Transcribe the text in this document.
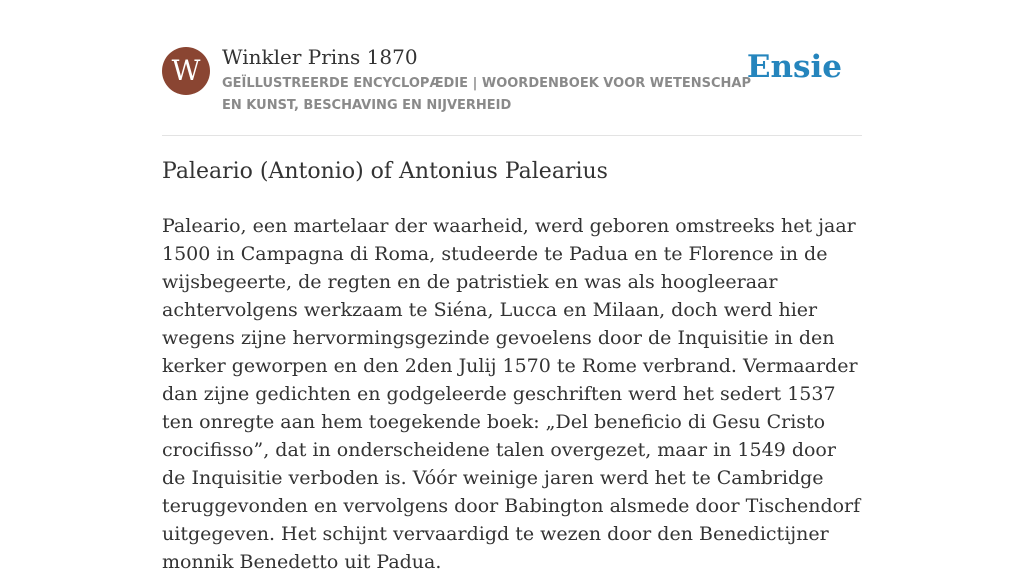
W	Winkler Prins 1870
GEÏLLUSTREERDE ENCYCLOPÆDIE | WOORDENBOEK VOOR WETENSCHAP EN KUNST, BESCHAVING EN NIJVERHEID
Ensie
Paleario (Antonio) of Antonius Palearius

Paleario, een martelaar der waarheid, werd geboren omstreeks het jaar 1500 in Campagna di Roma, studeerde te Padua en te Florence in de wijsbegeerte, de regten en de patristiek en was als hoogleeraar achtervolgens werkzaam te Siéna, Lucca en Milaan, doch werd hier wegens zijne hervormingsgezinde gevoelens door de Inquisitie in den kerker geworpen en den 2den Julij 1570 te Rome verbrand. Vermaarder dan zijne gedichten en godgeleerde geschriften werd het sedert 1537 ten onregte aan hem toegekende boek: „Del beneficio di Gesu Cristo crocifisso”, dat in onderscheidene talen overgezet, maar in 1549 door de Inquisitie verboden is. Vóór weinige jaren werd het te Cambridge teruggevonden en vervolgens door Babington alsmede door Tischendorf uitgegeven. Het schijnt vervaardigd te wezen door den Benedictijner monnik Benedetto uit Padua.
